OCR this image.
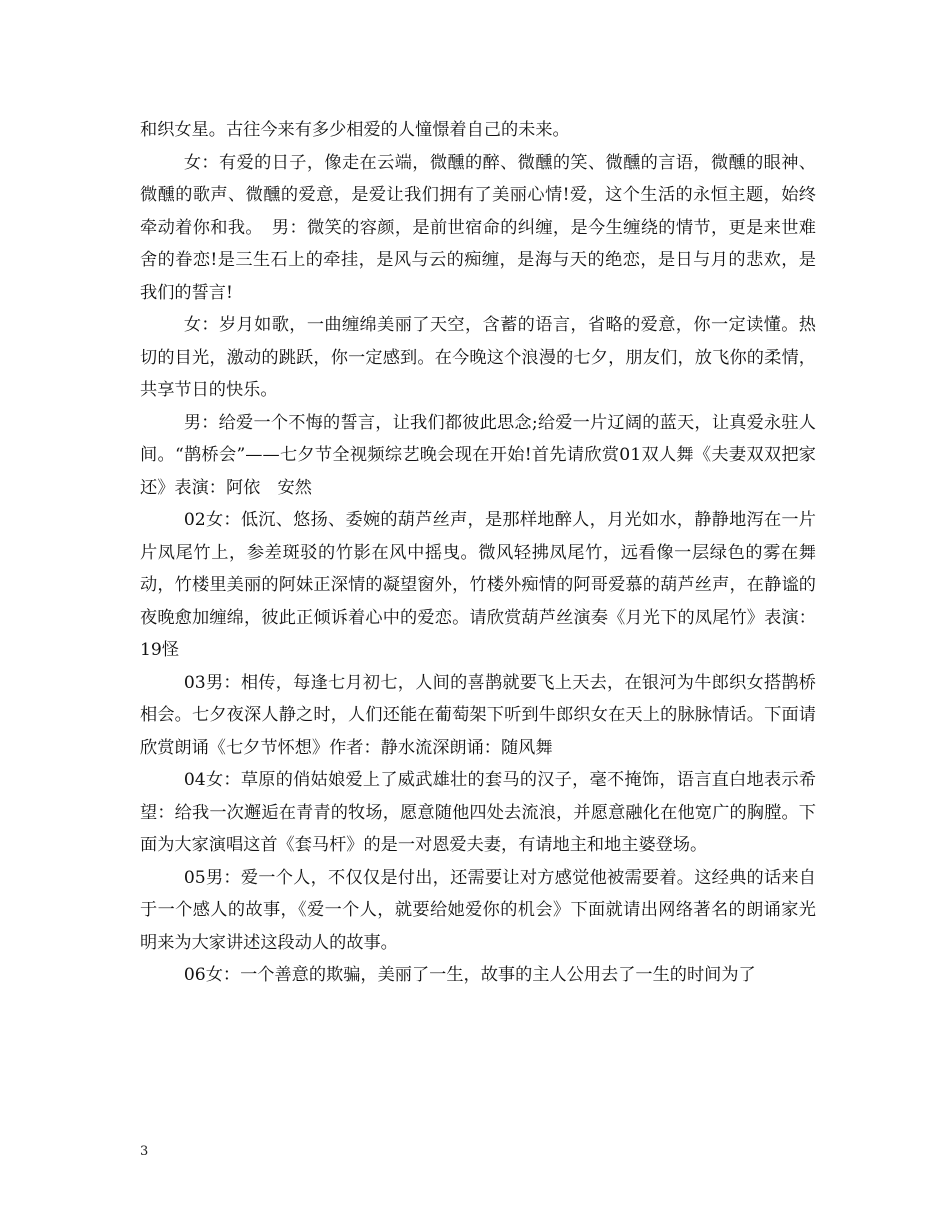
和织女星。古往今来有多少相爱的人憧憬着自己的未来。

女：有爱的日子，像走在云端，微醺的醉、微醺的笑、微醺的言语，微醺的眼神、微醺的歌声、微醺的爱意，是爱让我们拥有了美丽心情!爱，这个生活的永恒主题，始终牵动着你和我。　男：微笑的容颜，是前世宿命的纠缠，是今生缠绕的情节，更是来世难舍的眷恋!是三生石上的牵挂，是风与云的痴缠，是海与天的绝恋，是日与月的悲欢，是我们的誓言!

女：岁月如歌，一曲缠绵美丽了天空，含蓄的语言，省略的爱意，你一定读懂。热切的目光，激动的跳跃，你一定感到。在今晚这个浪漫的七夕，朋友们，放飞你的柔情，共享节日的快乐。

男：给爱一个不悔的誓言，让我们都彼此思念;给爱一片辽阔的蓝天，让真爱永驻人间。“鹊桥会”——七夕节全视频综艺晚会现在开始!首先请欣赏01双人舞《夫妻双双把家还》表演：阿依　安然

02女：低沉、悠扬、委婉的葫芦丝声，是那样地醉人，月光如水，静静地泻在一片片凤尾竹上，参差斑驳的竹影在风中摇曳。微风轻拂凤尾竹，远看像一层绿色的雾在舞动，竹楼里美丽的阿妹正深情的凝望窗外，竹楼外痴情的阿哥爱慕的葫芦丝声，在静谧的夜晚愈加缠绵，彼此正倾诉着心中的爱恋。请欣赏葫芦丝演奏《月光下的凤尾竹》表演：19怪

03男：相传，每逢七月初七，人间的喜鹊就要飞上天去，在银河为牛郎织女搭鹊桥相会。七夕夜深人静之时，人们还能在葡萄架下听到牛郎织女在天上的脉脉情话。下面请欣赏朗诵《七夕节怀想》作者：静水流深朗诵：随风舞

04女：草原的俏姑娘爱上了威武雄壮的套马的汉子，毫不掩饰，语言直白地表示希望：给我一次邂逅在青青的牧场，愿意随他四处去流浪，并愿意融化在他宽广的胸膛。下面为大家演唱这首《套马杆》的是一对恩爱夫妻，有请地主和地主婆登场。

05男：爱一个人，不仅仅是付出，还需要让对方感觉他被需要着。这经典的话来自于一个感人的故事，《爱一个人，就要给她爱你的机会》下面就请出网络著名的朗诵家光明来为大家讲述这段动人的故事。

06女：一个善意的欺骗，美丽了一生，故事的主人公用去了一生的时间为了

3
